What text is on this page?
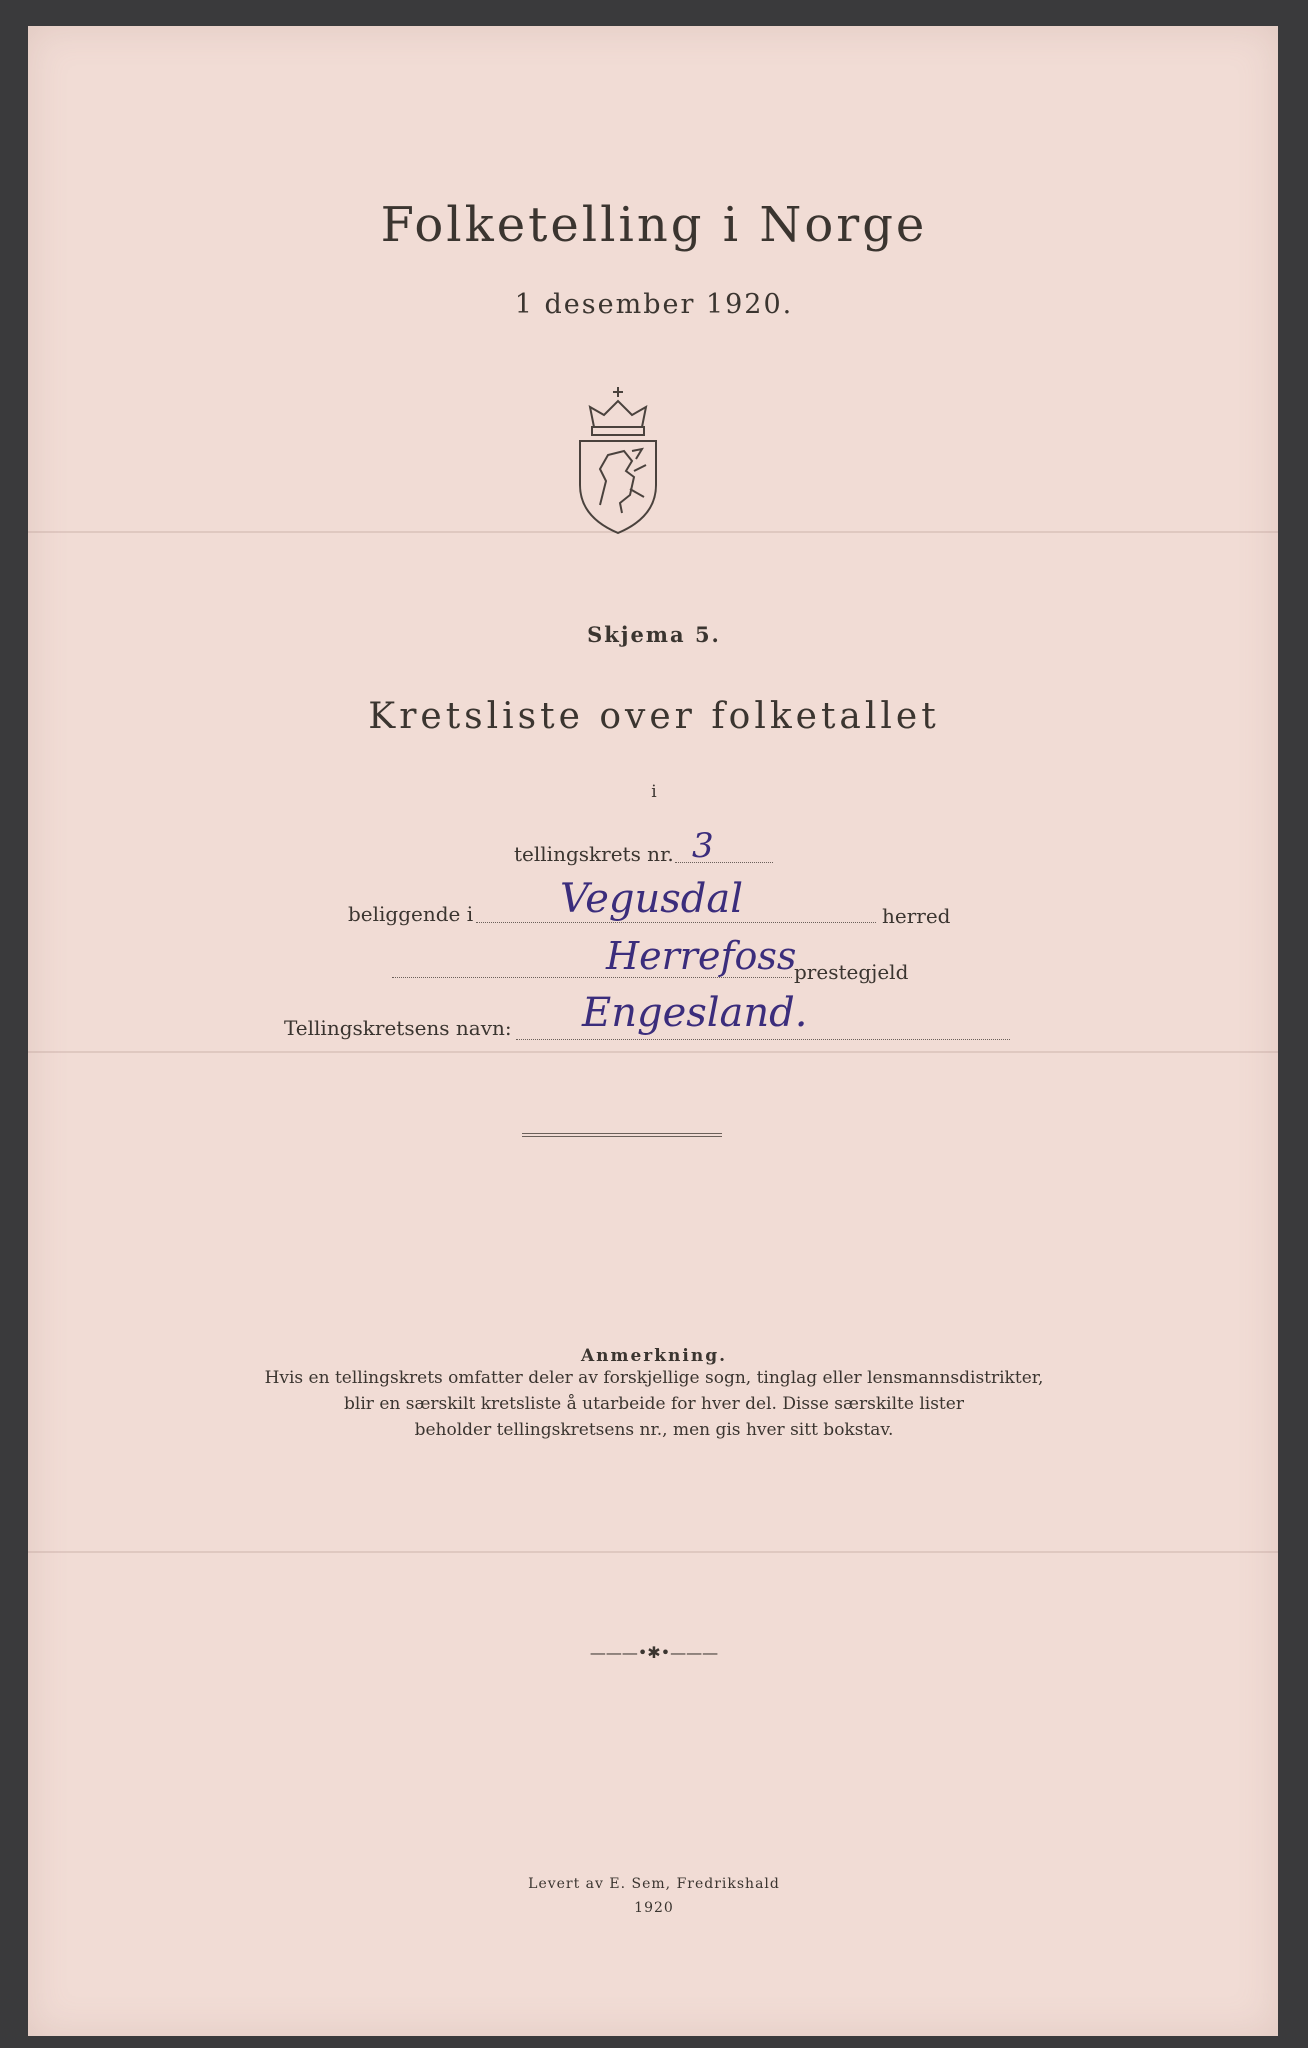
Folketelling i Norge
1 desember 1920.
Skjema 5.
Kretsliste over folketallet
i
tellingskrets nr. 3
beliggende i Vegusdal	herred
Herrefoss
prestegjeld
Tellingskretsens navn: Engesland.
Anmerkning.
Hvis en tellingskrets omfatter deler av forskjellige sogn, tinglag eller lensmannsdistrikter,
blir en særskilt kretsliste å utarbeide for hver del. Disse særskilte lister
beholder tellingskretsens nr., men gis hver sitt bokstav.
———•✱•———
Levert av E. Sem, Fredrikshald
1920
